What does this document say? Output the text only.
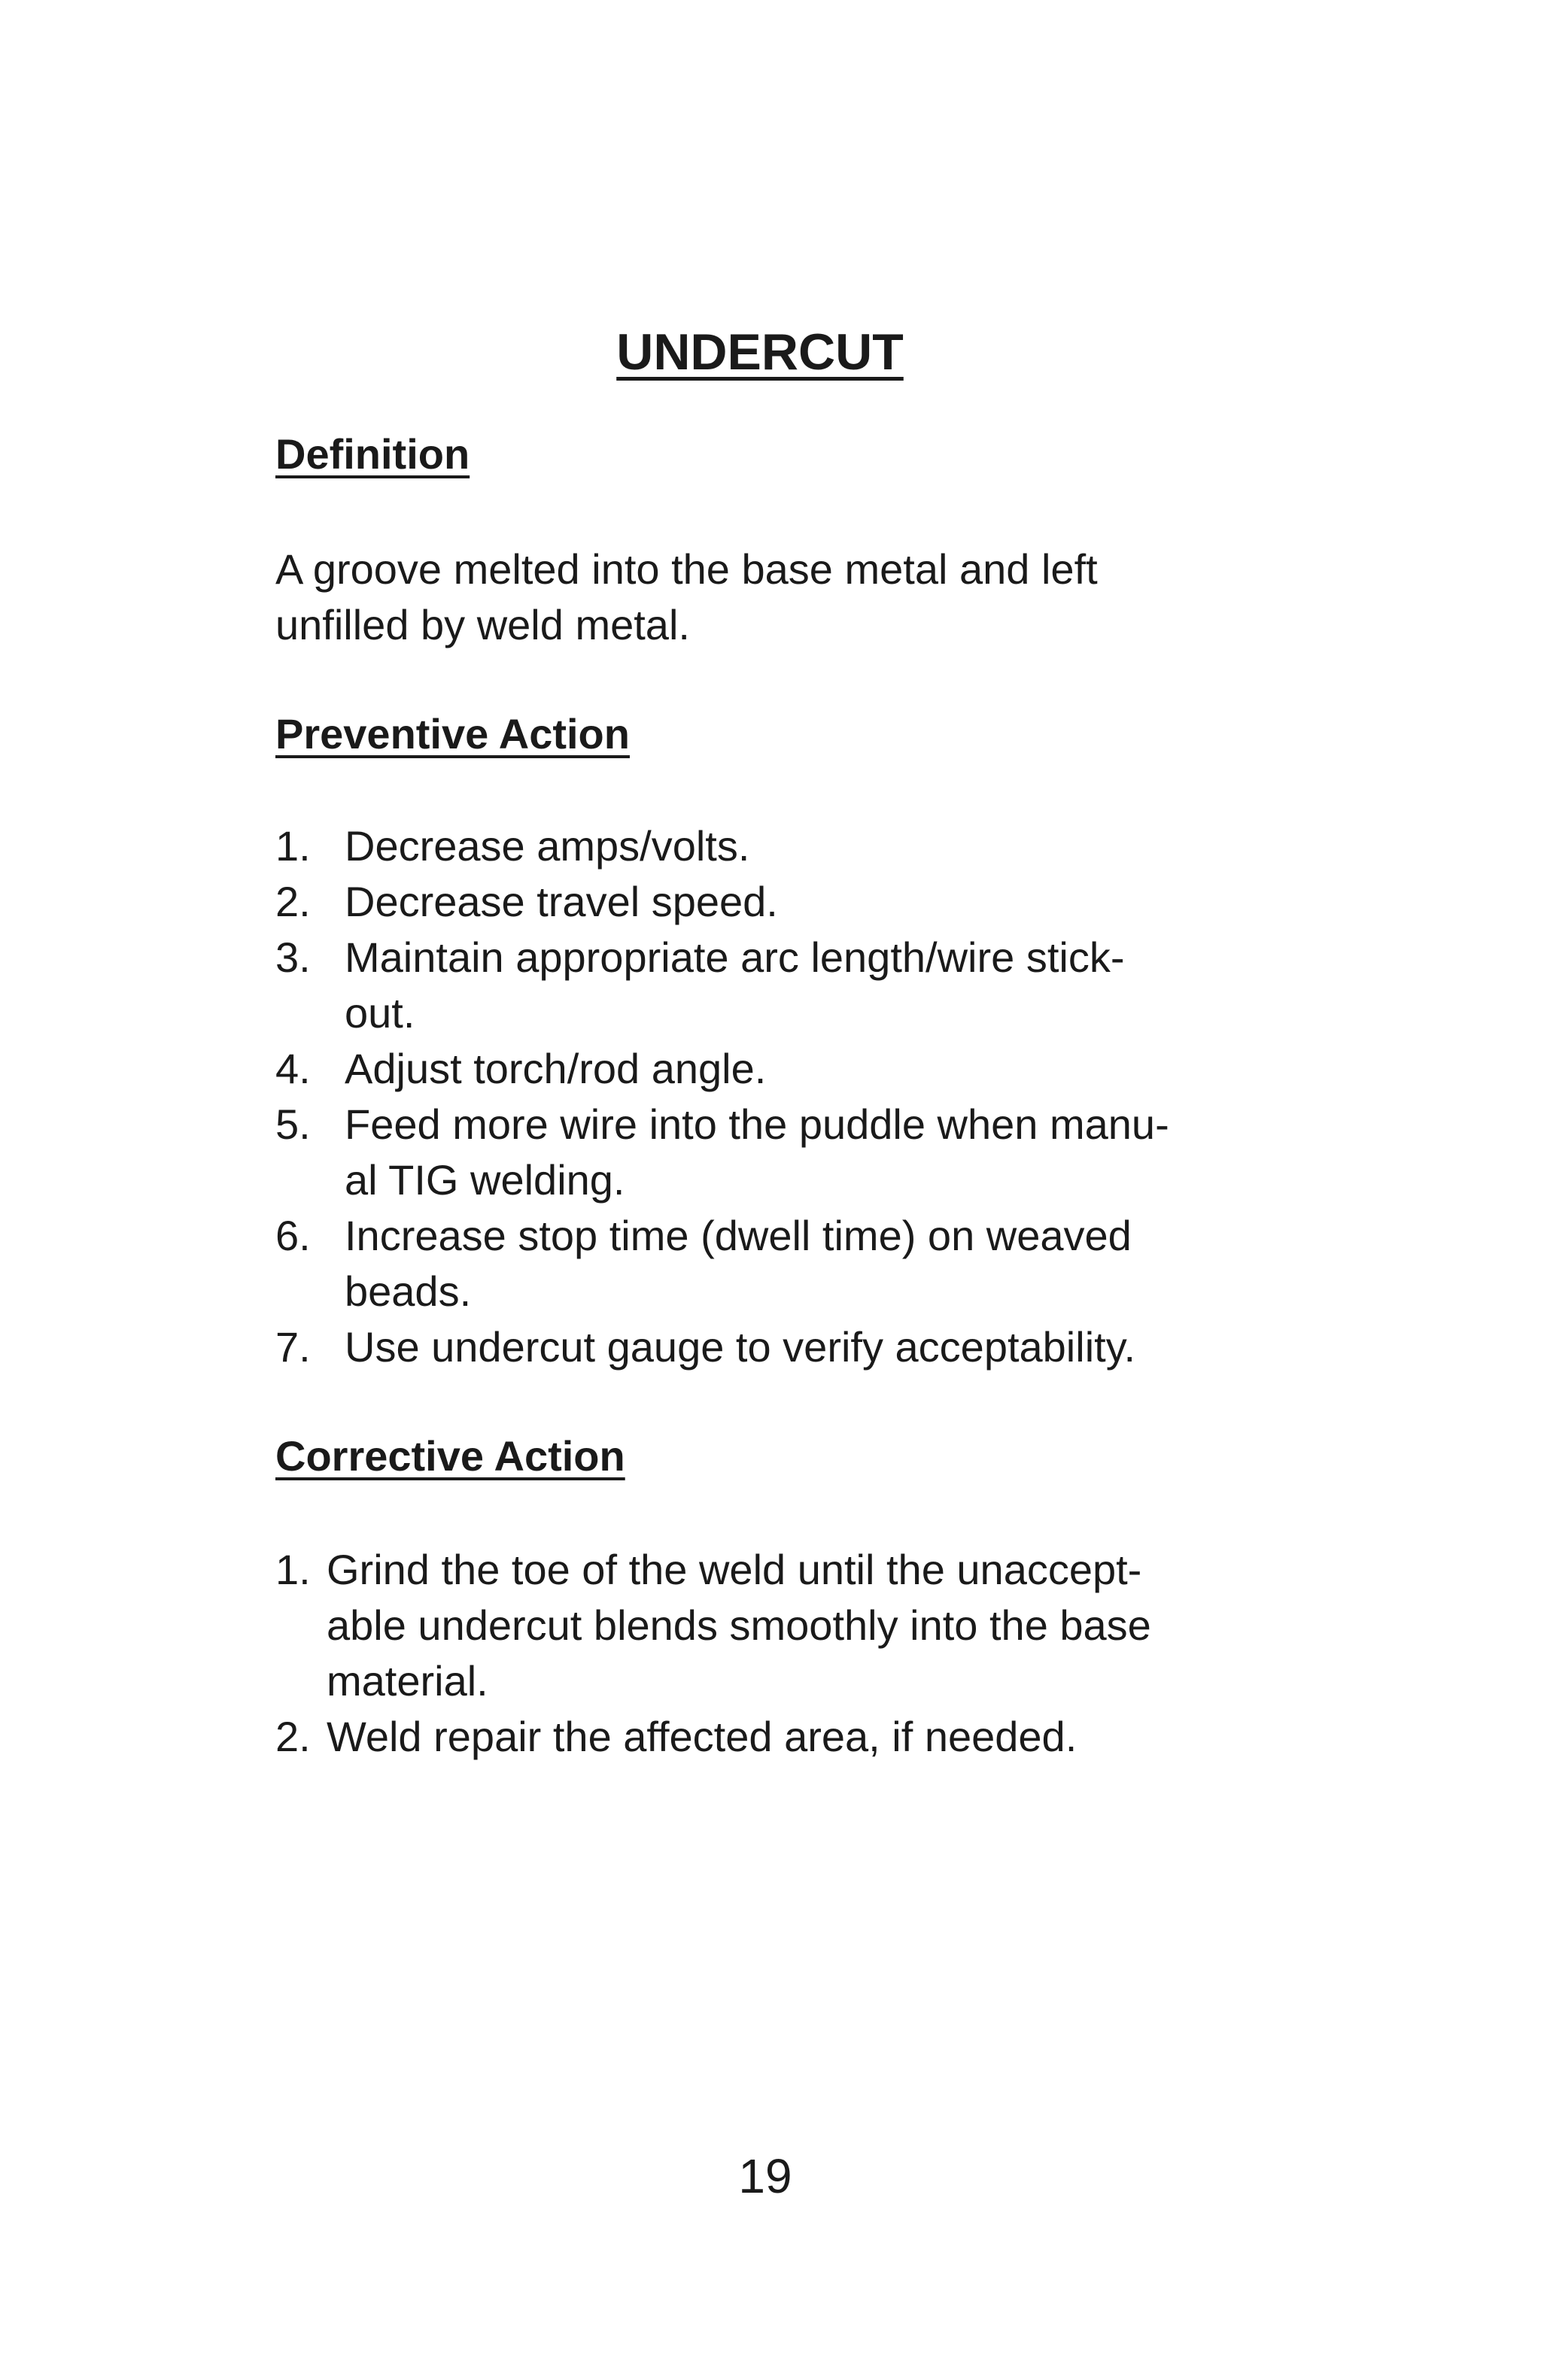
UNDERCUT
Definition

A groove melted into the base metal and left
unfilled by weld metal.

Preventive Action
1. Decrease amps/volts.
2. Decrease travel speed.
3. Maintain appropriate arc length/wire stick-
out.
4. Adjust torch/rod angle.
5. Feed more wire into the puddle when manu-
al TIG welding.
6. Increase stop time (dwell time) on weaved
beads.
7. Use undercut gauge to verify acceptability.
Corrective Action
1. Grind the toe of the weld until the unaccept-
able undercut blends smoothly into the base
material.
2. Weld repair the affected area, if needed.

19
